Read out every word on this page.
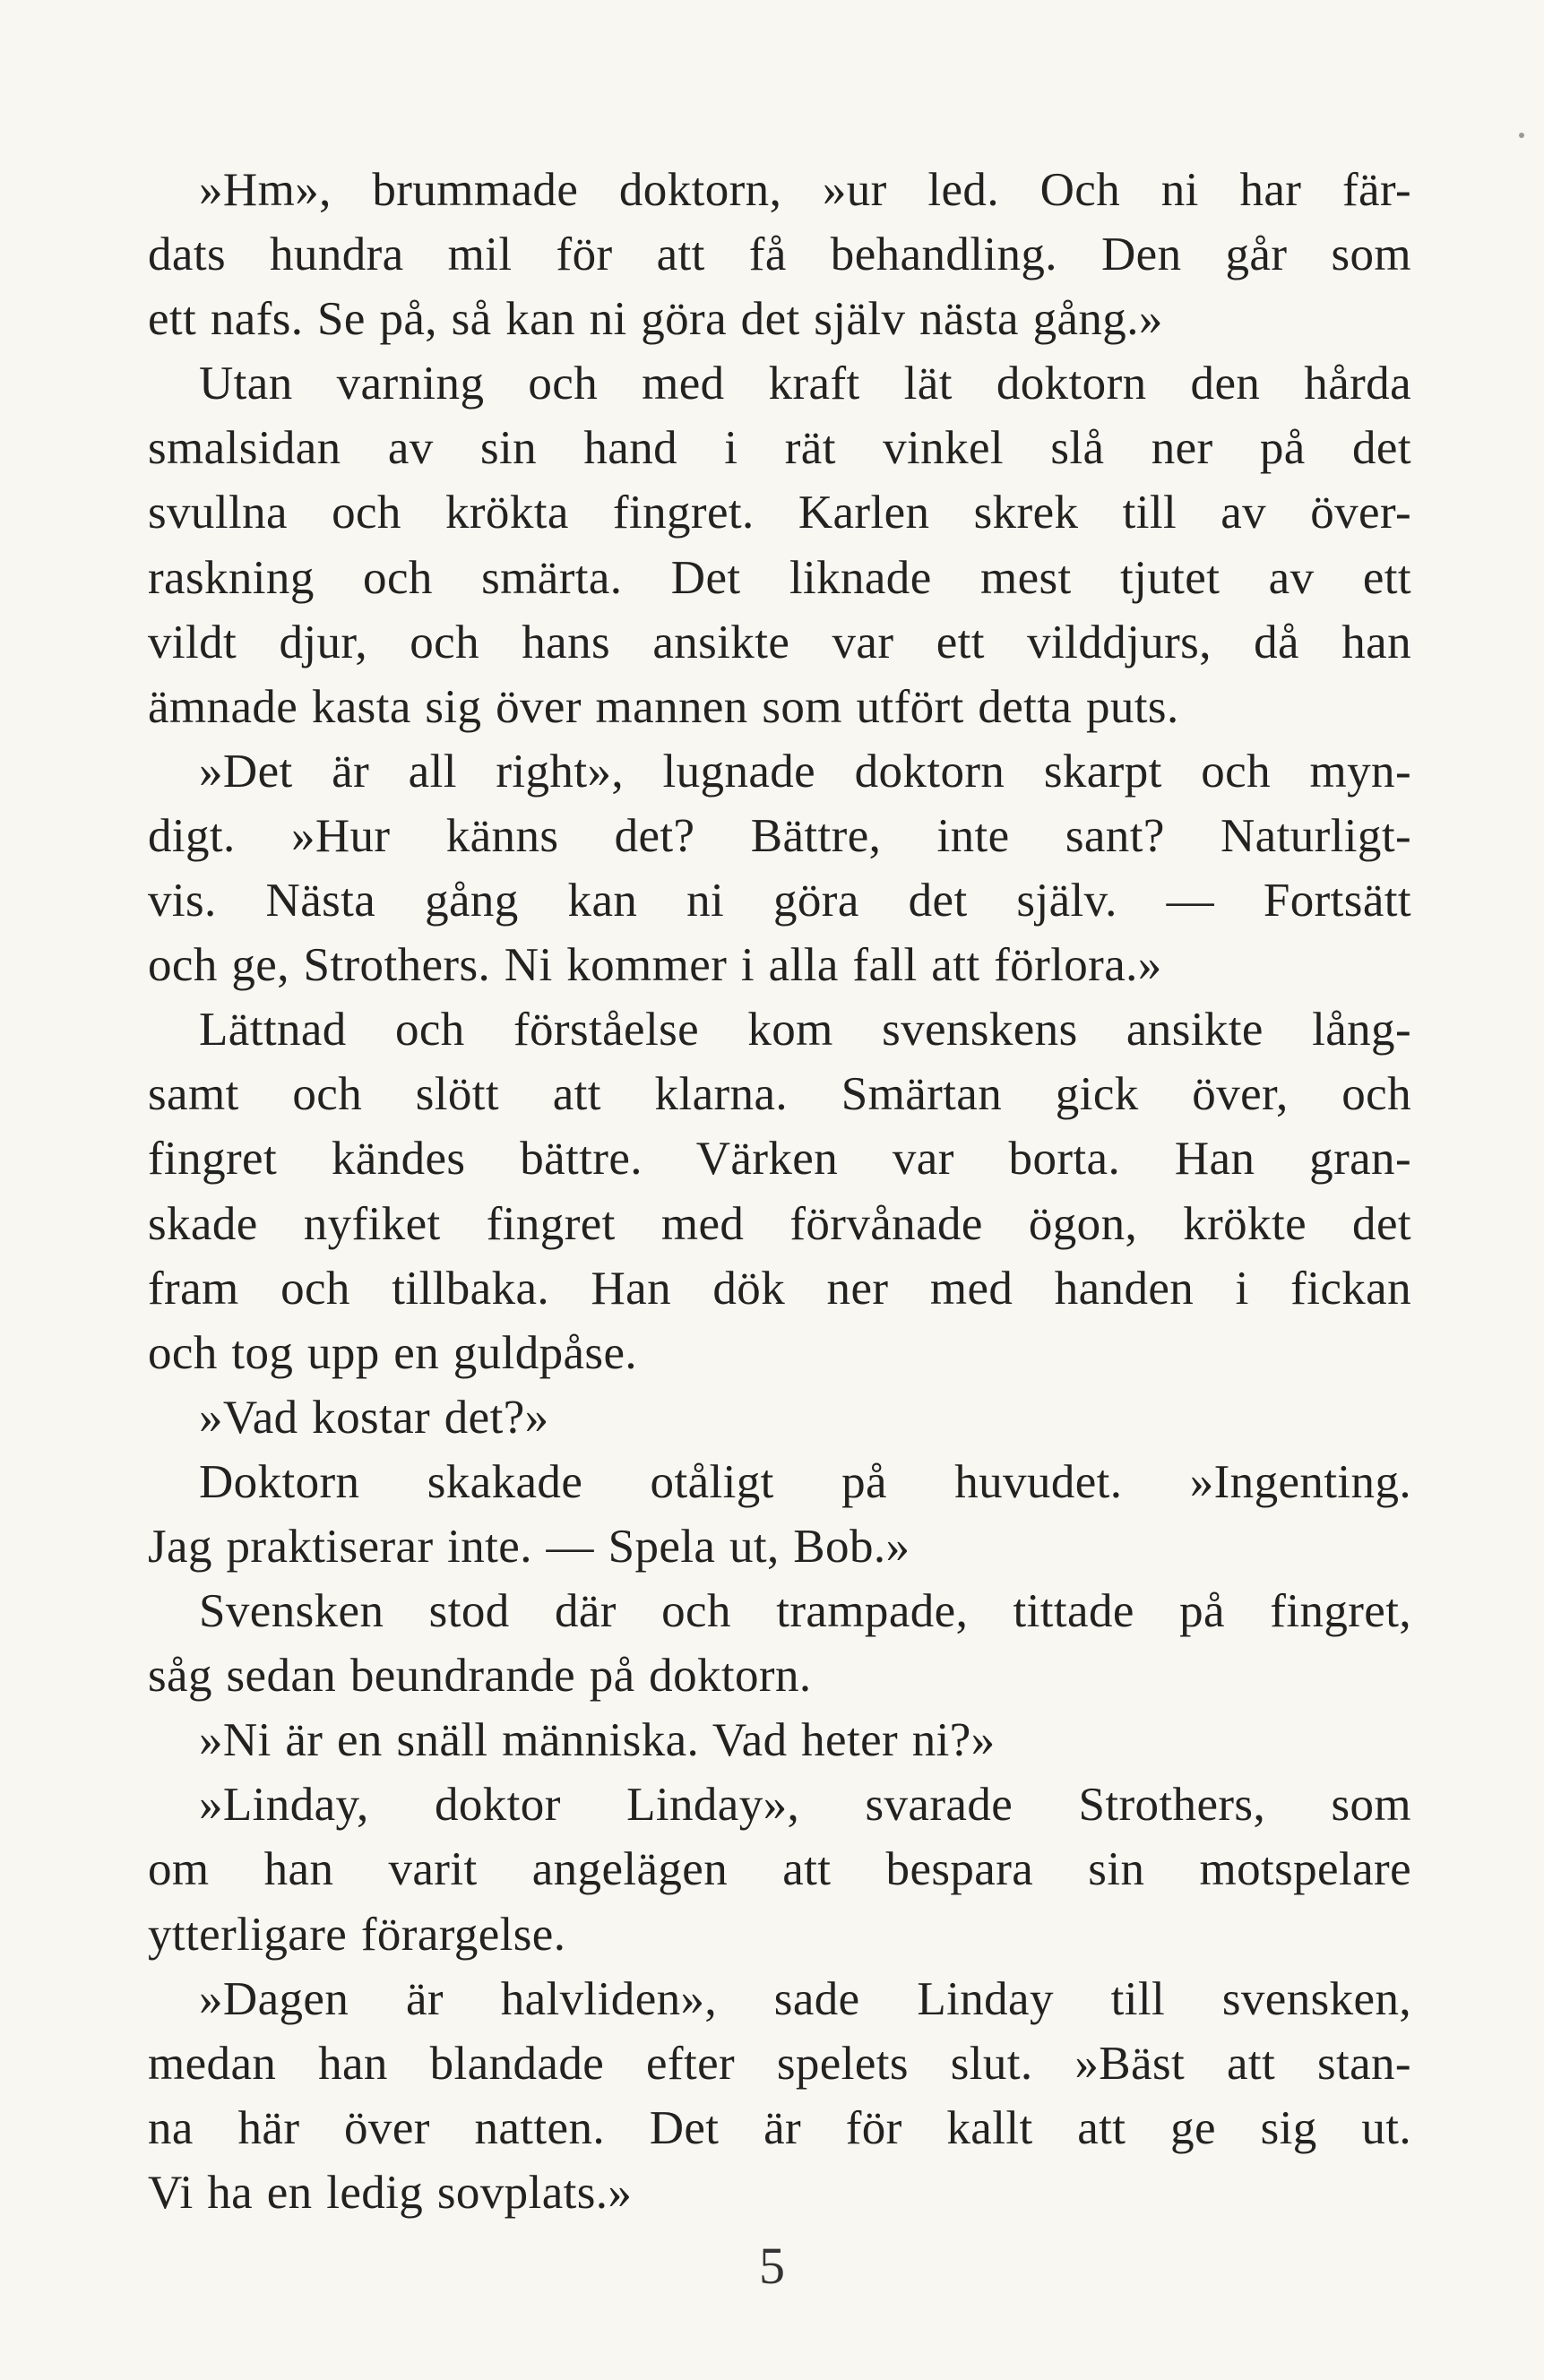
»Hm», brummade doktorn, »ur led. Och ni har fär-
dats hundra mil för att få behandling. Den går som
ett nafs. Se på, så kan ni göra det själv nästa gång.»
Utan varning och med kraft lät doktorn den hårda
smalsidan av sin hand i rät vinkel slå ner på det
svullna och krökta fingret. Karlen skrek till av över-
raskning och smärta. Det liknade mest tjutet av ett
vildt djur, och hans ansikte var ett vilddjurs, då han
ämnade kasta sig över mannen som utfört detta puts.
»Det är all right», lugnade doktorn skarpt och myn-
digt. »Hur känns det? Bättre, inte sant? Naturligt-
vis. Nästa gång kan ni göra det själv. — Fortsätt
och ge, Strothers. Ni kommer i alla fall att förlora.»
Lättnad och förståelse kom svenskens ansikte lång-
samt och slött att klarna. Smärtan gick över, och
fingret kändes bättre. Värken var borta. Han gran-
skade nyfiket fingret med förvånade ögon, krökte det
fram och tillbaka. Han dök ner med handen i fickan
och tog upp en guldpåse.
»Vad kostar det?»
Doktorn skakade otåligt på huvudet. »Ingenting.
Jag praktiserar inte. — Spela ut, Bob.»
Svensken stod där och trampade, tittade på fingret,
såg sedan beundrande på doktorn.
»Ni är en snäll människa. Vad heter ni?»
»Linday, doktor Linday», svarade Strothers, som
om han varit angelägen att bespara sin motspelare
ytterligare förargelse.
»Dagen är halvliden», sade Linday till svensken,
medan han blandade efter spelets slut. »Bäst att stan-
na här över natten. Det är för kallt att ge sig ut.
Vi ha en ledig sovplats.»
5
